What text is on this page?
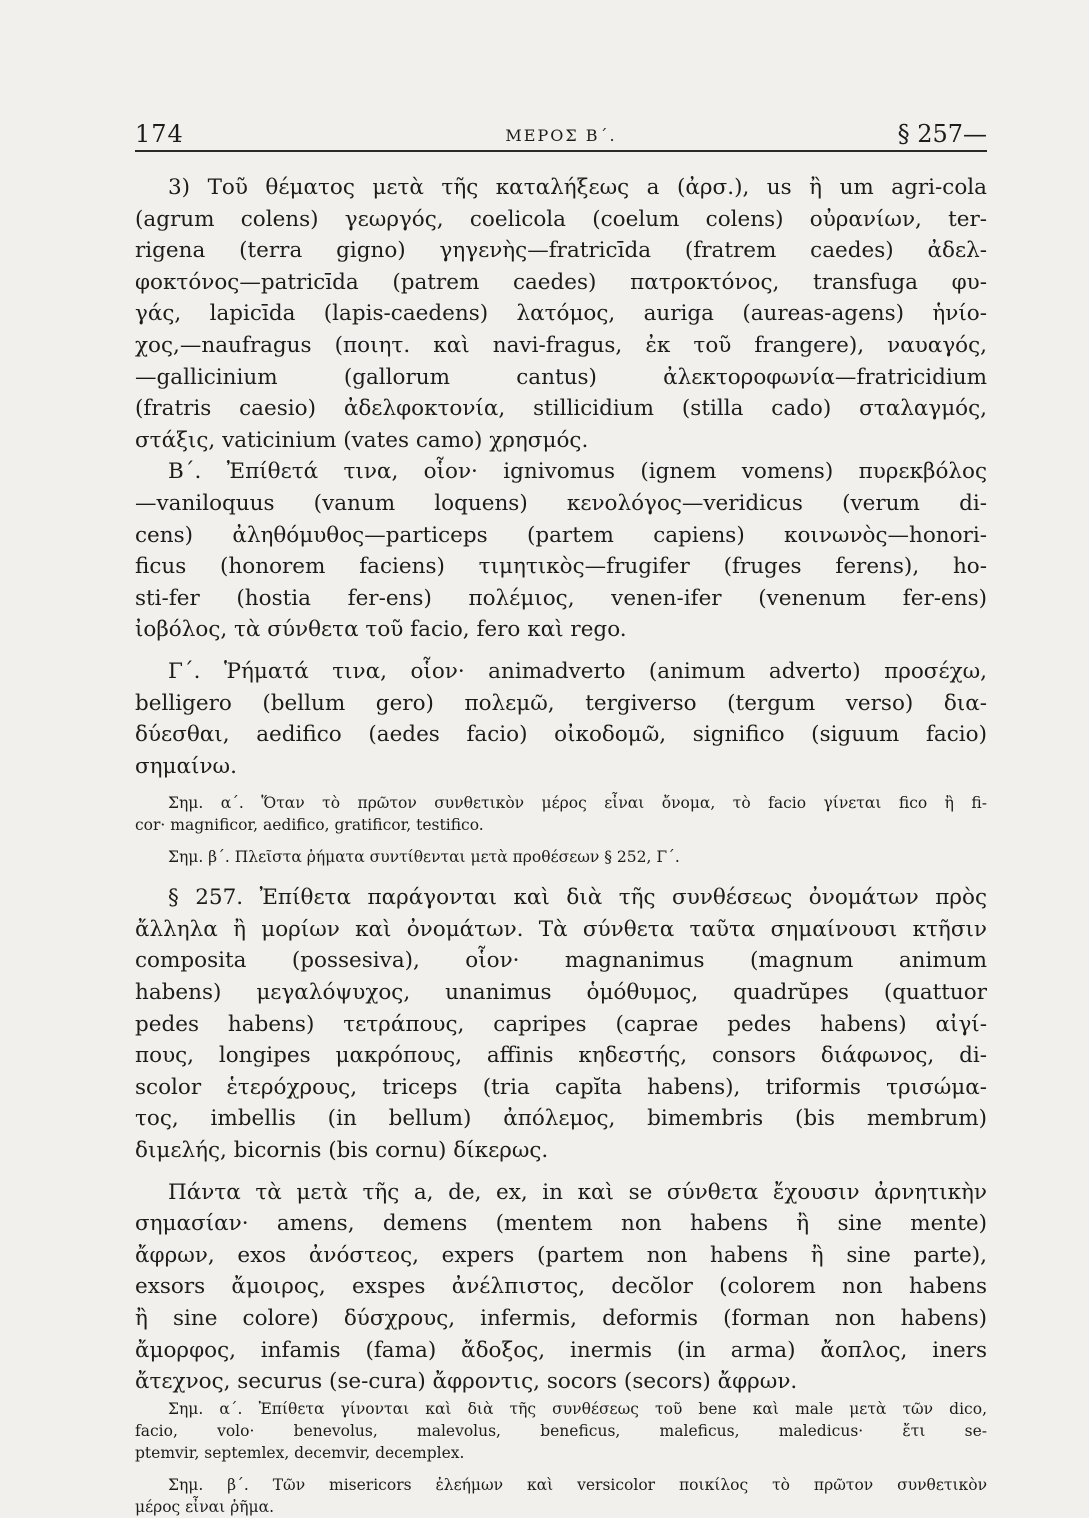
174	ΜΕΡΟΣ Β΄.	§ 257—
3) Τοῦ θέματος μετὰ τῆς καταλήξεως a (ἀρσ.), us ἢ um agri-cola
(agrum colens) γεωργός, coelicola (coelum colens) οὐρανίων, ter-
rigena (terra gigno) γηγενὴς—fratricīda (fratrem caedes) ἀδελ-
φοκτόνος—patricīda (patrem caedes) πατροκτόνος, transfuga φυ-
γάς, lapicīda (lapis-caedens) λατόμος, auriga (aureas-agens) ἡνίο-
χος,—naufragus (ποιητ. καὶ navi-fragus, ἐκ τοῦ frangere), ναυαγός,
—gallicinium (gallorum cantus) ἀλεκτοροφωνία—fratricidium
(fratris caesio) ἀδελφοκτονία, stillicidium (stilla cado) σταλαγμός,
στάξις, vaticinium (vates camo) χρησμός.
Β΄. Ἐπίθετά τινα, οἷον· ignivomus (ignem vomens) πυρεκβόλος
—vaniloquus (vanum loquens) κενολόγος—veridicus (verum di-
cens) ἀληθόμυθος—particeps (partem capiens) κοινωνὸς—honori-
ficus (honorem faciens) τιμητικὸς—frugifer (fruges ferens), ho-
sti-fer (hostia fer-ens) πολέμιος, venen-ifer (venenum fer-ens)
ἰοβόλος, τὰ σύνθετα τοῦ facio, fero καὶ rego.
Γ΄. Ῥήματά τινα, οἷον· animadverto (animum adverto) προσέχω,
belligero (bellum gero) πολεμῶ, tergiverso (tergum verso) δια-
δύεσθαι, aedifico (aedes facio) οἰκοδομῶ, significo (siguum facio)
σημαίνω.
Σημ. α΄. Ὅταν τὸ πρῶτον συνθετικὸν μέρος εἶναι ὄνομα, τὸ facio γίνεται fico ἢ fi-
cor· magnificor, aedifico, gratificor, testifico.
Σημ. β΄. Πλεῖστα ῥήματα συντίθενται μετὰ προθέσεων § 252, Γ΄.
§ 257. Ἐπίθετα παράγονται καὶ διὰ τῆς συνθέσεως ὀνομάτων πρὸς
ἄλληλα ἢ μορίων καὶ ὀνομάτων. Τὰ σύνθετα ταῦτα σημαίνουσι κτῆσιν
composita (possesiva), οἷον· magnanimus (magnum animum
habens) μεγαλόψυχος, unanimus ὁμόθυμος, quadrŭpes (quattuor
pedes habens) τετράπους, capripes (caprae pedes habens) αἰγί-
πους, longipes μακρόπους, affinis κηδεστής, consors διάφωνος, di-
scolor ἑτερόχρους, triceps (tria capĭta habens), triformis τρισώμα-
τος, imbellis (in bellum) ἀπόλεμος, bimembris (bis membrum)
διμελής, bicornis (bis cornu) δίκερως.
Πάντα τὰ μετὰ τῆς a, de, ex, in καὶ se σύνθετα ἔχουσιν ἀρνητικὴν
σημασίαν· amens, demens (mentem non habens ἢ sine mente)
ἄφρων, exos ἀνόστεος, expers (partem non habens ἢ sine parte),
exsors ἄμοιρος, exspes ἀνέλπιστος, decŏlor (colorem non habens
ἢ sine colore) δύσχρους, infermis, deformis (forman non habens)
ἄμορφος, infamis (fama) ἄδοξος, inermis (in arma) ἄοπλος, iners
ἄτεχνος, securus (se-cura) ἄφροντις, socors (secors) ἄφρων.
Σημ. α΄. Ἐπίθετα γίνονται καὶ διὰ τῆς συνθέσεως τοῦ bene καὶ male μετὰ τῶν dico,
facio, volo· benevolus, malevolus, beneficus, maleficus, maledicus· ἔτι se-
ptemvir, septemlex, decemvir, decemplex.
Σημ. β΄. Τῶν misericors ἐλεήμων καὶ versicolor ποικίλος τὸ πρῶτον συνθετικὸν
μέρος εἶναι ῥῆμα.
